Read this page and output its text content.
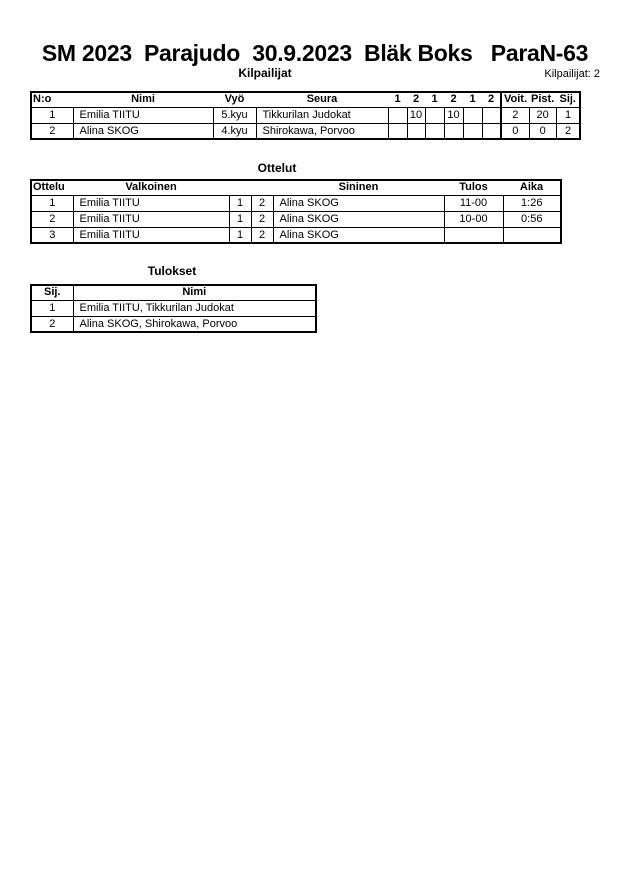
SM 2023  Parajudo  30.9.2023  Bläk Boks   ParaN-63
Kilpailijat	Kilpailijat: 2
N:o	Nimi	Vyö	Seura	1	2	1	2	1	2	Voit.	Pist.	Sij.
1	Emilia TIITU	5.kyu	Tikkurilan Judokat		10		10			2	20	1
2	Alina SKOG	4.kyu	Shirokawa, Porvoo							0	0	2
Ottelut
Ottelu	Valkoinen			Sininen	Tulos	Aika
1	Emilia TIITU	1	2	Alina SKOG	11-00	1:26
2	Emilia TIITU	1	2	Alina SKOG	10-00	0:56
3	Emilia TIITU	1	2	Alina SKOG		
Tulokset
Sij.	Nimi
1	Emilia TIITU, Tikkurilan Judokat
2	Alina SKOG, Shirokawa, Porvoo
